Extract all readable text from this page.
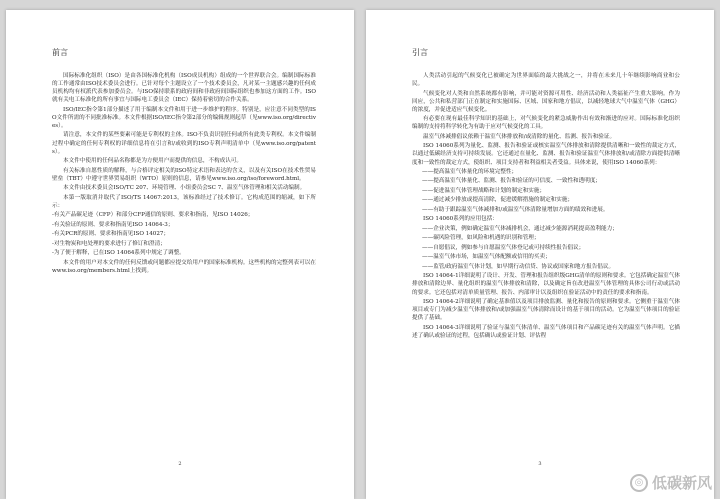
前言

国际标准化组织（ISO）是由各国标准化机构（ISO成员机构）组成的一个世界联合会。编制国际标准的工作通常由ISO技术委员会进行。已针对每个主题设立了一个技术委员会，凡对某一主题感兴趣的任何成员机构均有权派代表参加委员会。与ISO保持联系的政府间和非政府间国际组织也参加这方面的工作。ISO就有关电工标准化的所有事宜与国际电工委员会（IEC）保持着密切的合作关系。

ISO/IEC指令第1部分描述了用于编制本文件和用于进一步维护的程序。特别是，应注意不同类型的ISO文件所需的不同批准标准。本文件根据ISO/IEC指令第2部分的编辑规则起草（见www.iso.org/directives）。

请注意，本文件的某些要素可能是专利权的主体。ISO不负责识别任何或所有此类专利权。本文件编制过程中确定的任何专利权的详细信息将在引言和/或收到的ISO专利声明清单中（见www.iso.org/patents）。

本文件中使用的任何品名称都是为方便用户而提供的信息，不构成认可。

有关标准自愿性质的解释，与合格评定相关的ISO特定术语和表达的含义，以及有关ISO在技术性贸易壁垒（TBT）中遵守世界贸易组织（WTO）原则的信息，请参见www.iso.org/iso/foreword.html。

本文件由技术委员会ISO/TC 207、环境管理、小组委员会SC 7、温室气体管理和相关活动编制。

本第一版取消并取代了ISO/TS 14067:2013，该标准经过了技术修订。它构成范围的缩减，如下所示：

-有关产品碳足迹（CFP）和部分CFP通信的原则、要求和指南，见ISO 14026；

-有关验证的原则、要求和指南见ISO 14064-3；

-有关PCR的原则、要求和指南见ISO 14027；

-对生物炭和电处理的要求进行了修订和澄清；

-为了便于解释，已在ISO 14064系列中规定了调整。

本文件的用户对本文件的任何反馈或问题都应提交给用户的国家标准机构。这些机构的完整列表可以在www.iso.org/members.html上找到。

2
引言

人类活动引起的气候变化已被确定为世界面临的最大挑战之一，并将在未来几十年继续影响商业和公民。

气候变化对人类和自然系统都有影响，并可能对资源可用性、经济活动和人类福祉产生重大影响。作为回应，公共和私营部门正在制定和实施国际、区域、国家和地方倡议，以减轻地球大气中温室气体（GHG）的浓度，并促进适应气候变化。

有必要在现有最佳科学知识的基础上，对气候变化的紧急威胁作出有效和渐进的应对。国际标准化组织编制的支持将科学转化为有助于应对气候变化的工具。

温室气体减排倡议依赖于温室气体排放和/或清除的量化、监测、报告和验证。

ISO 14060系列为量化、监测、报告和验证或核实温室气体排放和清除提供清晰和一致性的裁定方式，以通过低碳经济支持可持续发展。它还通过在量化、监测、报告和验证温室气体排放和/或清除方面提供清晰度和一致性的裁定方式，使组织、项目支持者和利益相关者受益。具体来说，使用ISO 14060系列：

——提高温室气体量化的环境完整性；

——提高温室气体量化、监测、报告和验证的可信度、一致性和透明度；

——促进温室气体管理战略和计划的制定和实施；

——通过减少排放或提高清除，促进缓解措施的制定和实施；

——有助于跟踪温室气体减排和/或温室气体清除量增加方面的绩效和进展。

ISO 14060系列的应用包括：

——企业决策，例如确定温室气体减排机会，通过减少能源消耗提高盈利能力；

——碳风险管理，如风险和机遇的识别和管理；

——自愿倡议，例如参与自愿温室气体登记或可持续性报告倡议；

——温室气体市场，如温室气体配额或信用的买卖；

——监管/政府温室气体计划，如早期行动信贷、协议或国家和地方报告倡议。

ISO 14064-1详细说明了设计、开发、管理和报告组织级GHG清单的原则和要求。它包括确定温室气体排放和清除边界、量化组织的温室气体排放和清除，以及确定旨在改进温室气体管理的具体公司行动或活动的要求。它还包括对清单质量管理、报告、内部审计以及组织在验证活动中的责任的要求和指南。

ISO 14064-2详细说明了确定基准值以及项目排放监测、量化和报告的原则和要求。它侧重于温室气体项目或专门为减少温室气体排放和/或加强温室气体清除而设计的基于项目的活动。它为温室气体项目的验证提供了基础。

ISO 14064-3详细说明了验证与温室气体清单、温室气体项目和产品碳足迹有关的温室气体声明。它描述了确认或验证的过程，包括确认或验证计划、评估程

3
◎ 低碳新风
